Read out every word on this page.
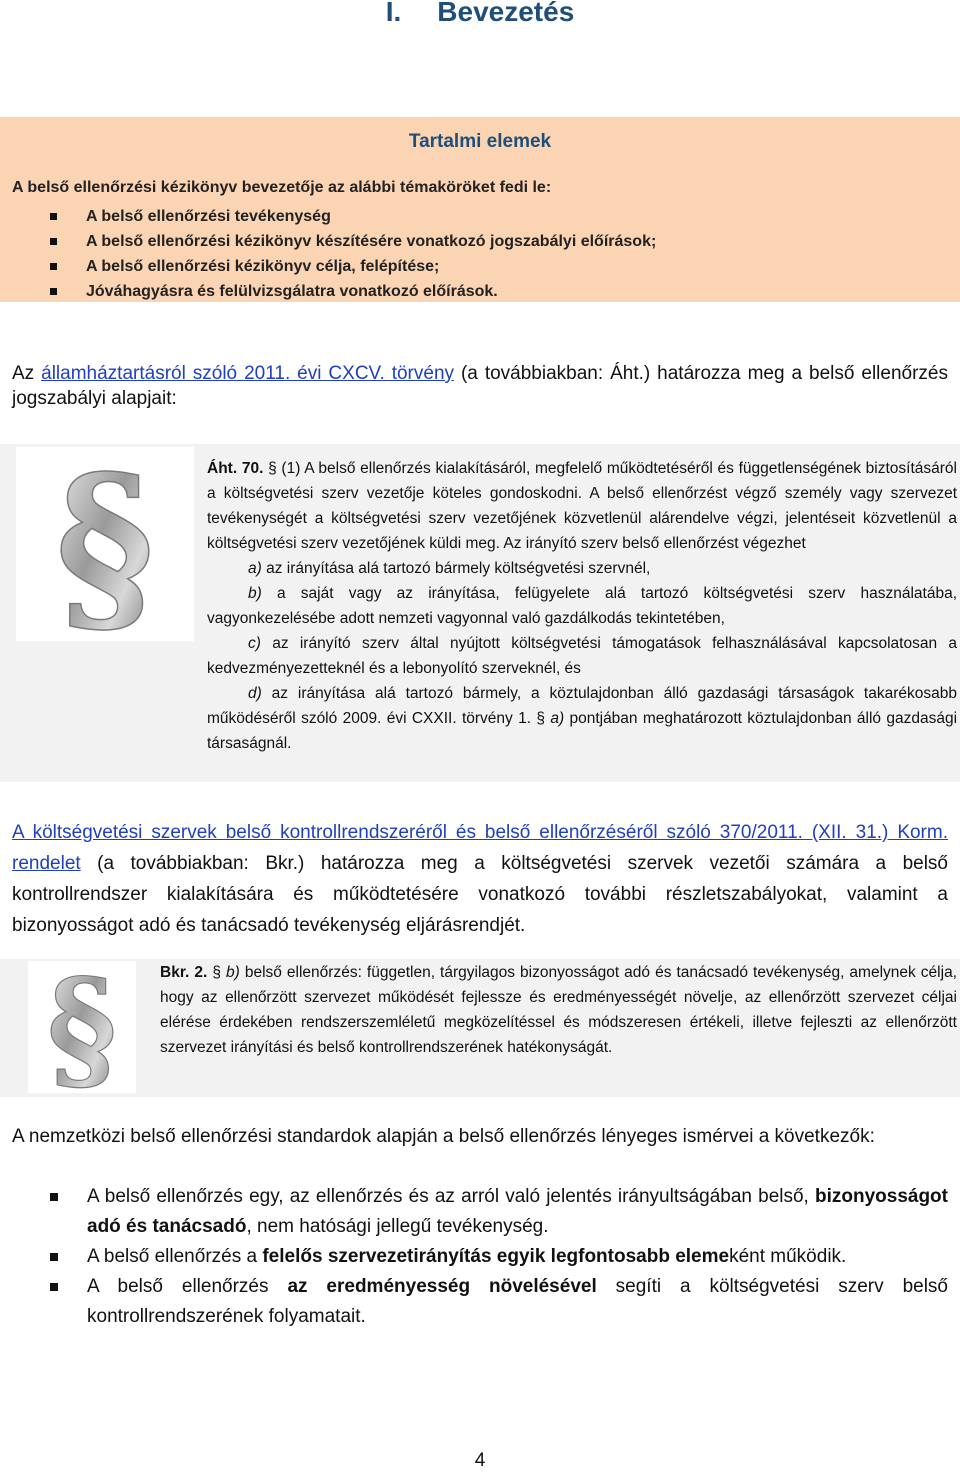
I. Bevezetés
Tartalmi elemek
A belső ellenőrzési kézikönyv bevezetője az alábbi témaköröket fedi le:
A belső ellenőrzési tevékenység
A belső ellenőrzési kézikönyv készítésére vonatkozó jogszabályi előírások;
A belső ellenőrzési kézikönyv célja, felépítése;
Jóváhagyásra és felülvizsgálatra vonatkozó előírások.
Az államháztartásról szóló 2011. évi CXCV. törvény (a továbbiakban: Áht.) határozza meg a belső ellenőrzés jogszabályi alapjait:
§	Áht. 70. § (1) A belső ellenőrzés kialakításáról, megfelelő működtetéséről és függetlenségének biztosításáról a költségvetési szerv vezetője köteles gondoskodni. A belső ellenőrzést végző személy vagy szervezet tevékenységét a költségvetési szerv vezetőjének közvetlenül alárendelve végzi, jelentéseit közvetlenül a költségvetési szerv vezetőjének küldi meg. Az irányító szerv belső ellenőrzést végezhet

a) az irányítása alá tartozó bármely költségvetési szervnél,

b) a saját vagy az irányítása, felügyelete alá tartozó költségvetési szerv használatába, vagyonkezelésébe adott nemzeti vagyonnal való gazdálkodás tekintetében,

c) az irányító szerv által nyújtott költségvetési támogatások felhasználásával kapcsolatosan a kedvezményezetteknél és a lebonyolító szerveknél, és

d) az irányítása alá tartozó bármely, a köztulajdonban álló gazdasági társaságok takarékosabb működéséről szóló 2009. évi CXXII. törvény 1. § a) pontjában meghatározott köztulajdonban álló gazdasági társaságnál.

A költségvetési szervek belső kontrollrendszeréről és belső ellenőrzéséről szóló 370/2011. (XII. 31.) Korm. rendelet (a továbbiakban: Bkr.) határozza meg a költségvetési szervek vezetői számára a belső kontrollrendszer kialakítására és működtetésére vonatkozó további részletszabályokat, valamint a bizonyosságot adó és tanácsadó tevékenység eljárásrendjét.
§	Bkr. 2. § b) belső ellenőrzés: független, tárgyilagos bizonyosságot adó és tanácsadó tevékenység, amelynek célja, hogy az ellenőrzött szervezet működését fejlessze és eredményességét növelje, az ellenőrzött szervezet céljai elérése érdekében rendszerszemléletű megközelítéssel és módszeresen értékeli, illetve fejleszti az ellenőrzött szervezet irányítási és belső kontrollrendszerének hatékonyságát.

A nemzetközi belső ellenőrzési standardok alapján a belső ellenőrzés lényeges ismérvei a következők:
A belső ellenőrzés egy, az ellenőrzés és az arról való jelentés irányultságában belső, bizonyosságot adó és tanácsadó, nem hatósági jellegű tevékenység.
A belső ellenőrzés a felelős szervezetirányítás egyik legfontosabb elemeként működik.
A belső ellenőrzés az eredményesség növelésével segíti a költségvetési szerv belső kontrollrendszerének folyamatait.
4
